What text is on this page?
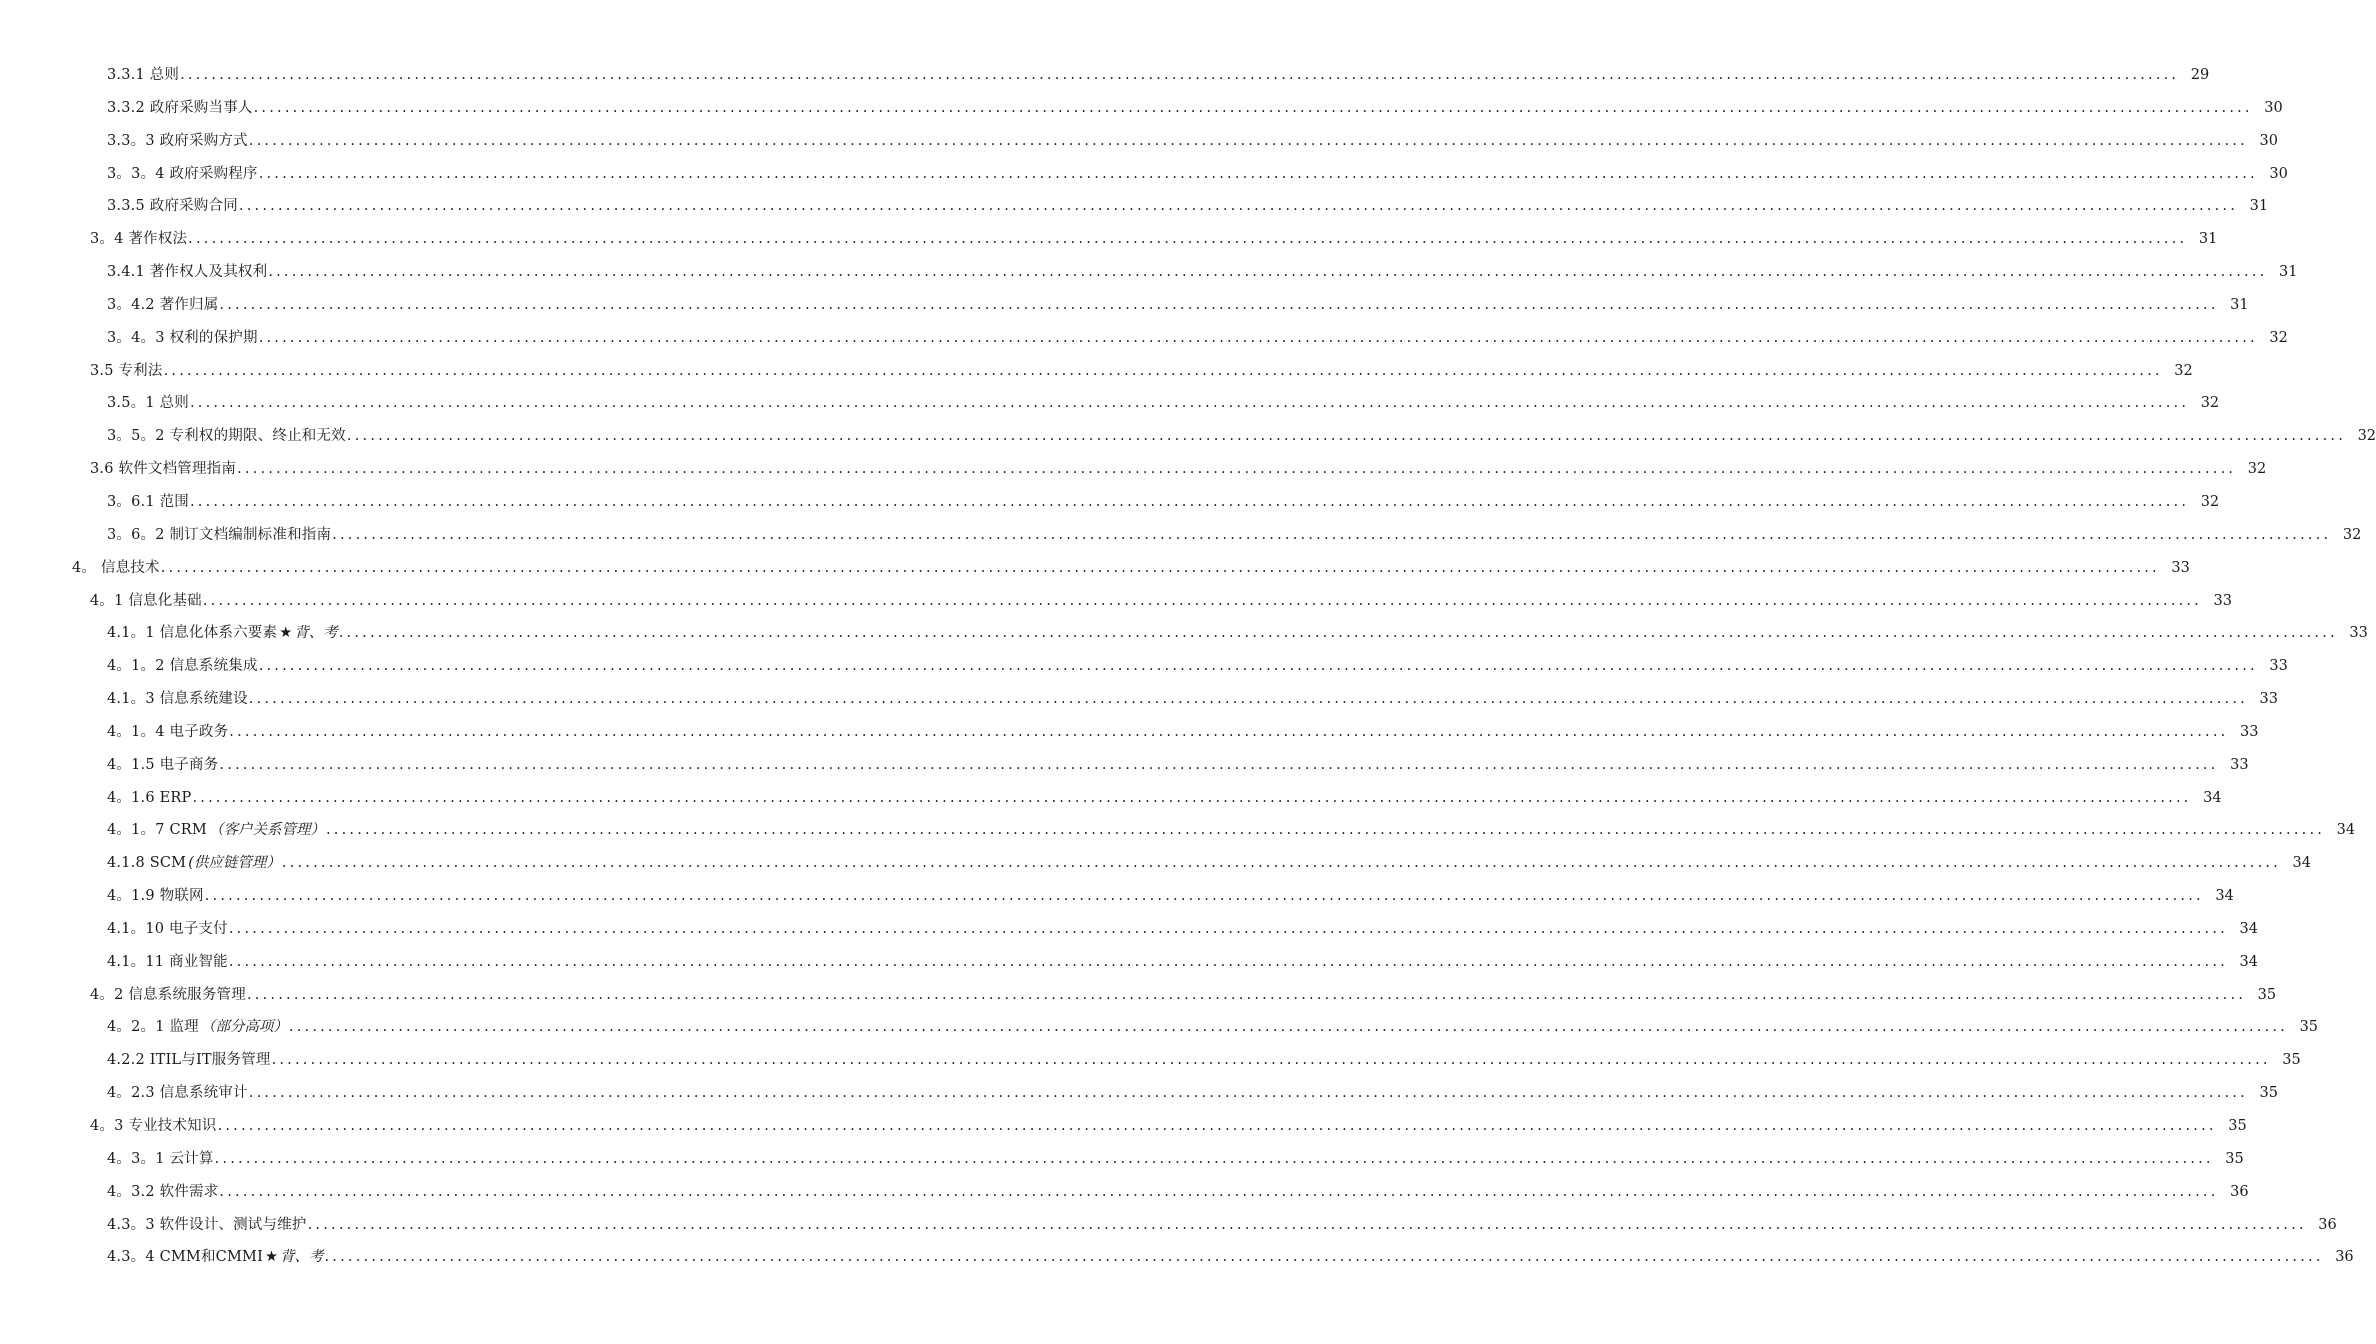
3.3.1 总则 ................................................................................................................................................................................................................................................................ 29
3.3.2 政府采购当事人 ................................................................................................................................................................................................................................................................ 30
3.3。3 政府采购方式 ................................................................................................................................................................................................................................................................ 30
3。3。4 政府采购程序 ................................................................................................................................................................................................................................................................ 30
3.3.5 政府采购合同 ................................................................................................................................................................................................................................................................ 31
3。4 著作权法 ................................................................................................................................................................................................................................................................ 31
3.4.1 著作权人及其权利 ................................................................................................................................................................................................................................................................ 31
3。4.2 著作归属 ................................................................................................................................................................................................................................................................ 31
3。4。3 权利的保护期 ................................................................................................................................................................................................................................................................ 32
3.5 专利法 ................................................................................................................................................................................................................................................................ 32
3.5。1 总则 ................................................................................................................................................................................................................................................................ 32
3。5。2 专利权的期限、终止和无效 ................................................................................................................................................................................................................................................................ 32
3.6 软件文档管理指南 ................................................................................................................................................................................................................................................................ 32
3。6.1 范围 ................................................................................................................................................................................................................................................................ 32
3。6。2 制订文档编制标准和指南 ................................................................................................................................................................................................................................................................ 32
4。 信息技术 ................................................................................................................................................................................................................................................................ 33
4。1 信息化基础 ................................................................................................................................................................................................................................................................ 33
4.1。1 信息化体系六要素 ★ 背、考 ................................................................................................................................................................................................................................................................ 33
4。1。2 信息系统集成 ................................................................................................................................................................................................................................................................ 33
4.1。3 信息系统建设 ................................................................................................................................................................................................................................................................ 33
4。1。4 电子政务 ................................................................................................................................................................................................................................................................ 33
4。1.5 电子商务 ................................................................................................................................................................................................................................................................ 33
4。1.6 ERP ................................................................................................................................................................................................................................................................ 34
4。1。7 CRM （客户关系管理） ................................................................................................................................................................................................................................................................ 34
4.1.8 SCM (供应链管理） ................................................................................................................................................................................................................................................................ 34
4。1.9 物联网 ................................................................................................................................................................................................................................................................ 34
4.1。10 电子支付 ................................................................................................................................................................................................................................................................ 34
4.1。11 商业智能 ................................................................................................................................................................................................................................................................ 34
4。2 信息系统服务管理 ................................................................................................................................................................................................................................................................ 35
4。2。1 监理 （部分高项） ................................................................................................................................................................................................................................................................ 35
4.2.2 ITIL与IT服务管理 ................................................................................................................................................................................................................................................................ 35
4。2.3 信息系统审计 ................................................................................................................................................................................................................................................................ 35
4。3 专业技术知识 ................................................................................................................................................................................................................................................................ 35
4。3。1 云计算 ................................................................................................................................................................................................................................................................ 35
4。3.2 软件需求 ................................................................................................................................................................................................................................................................ 36
4.3。3 软件设计、测试与维护 ................................................................................................................................................................................................................................................................ 36
4.3。4 CMM和CMMI ★ 背、考 ................................................................................................................................................................................................................................................................ 36
